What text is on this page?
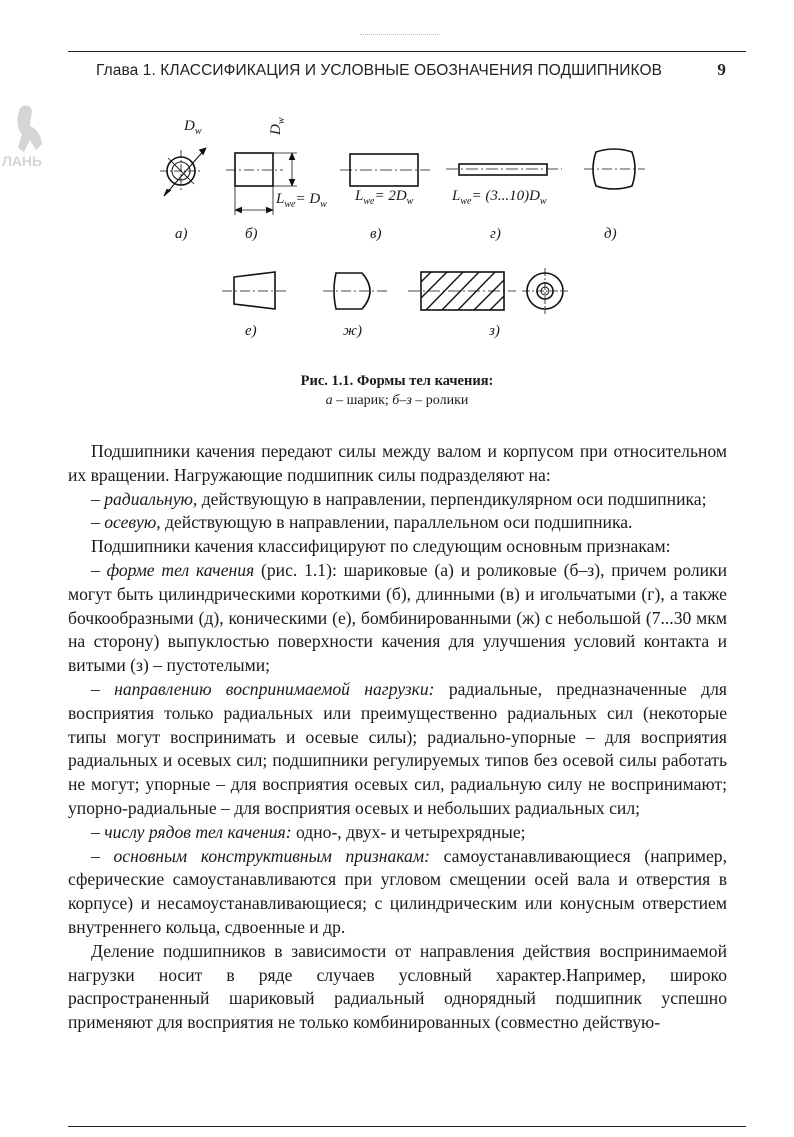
Глава 1. КЛАССИФИКАЦИЯ И УСЛОВНЫЕ ОБОЗНАЧЕНИЯ ПОДШИПНИКОВ	9
ЛАНЬ
$D_w$	$D_w$
$L_{we}= D_w$
$L_{we}= 2D_w$	$L_{we}= (3...10)D_w$
а)	б)	в)	г)	д)
е)	ж)	з)
Рис. 1.1. Формы тел качения:
а – шарик; б–з – ролики

Подшипники качения передают силы между валом и корпусом при относительном их вращении. Нагружающие подшипник силы подразделяют на:

– радиальную, действующую в направлении, перпендикулярном оси подшипника;

– осевую, действующую в направлении, параллельном оси подшипника.

Подшипники качения классифицируют по следующим основным признакам:

– форме тел качения (рис. 1.1): шариковые (а) и роликовые (б–з), причем ролики могут быть цилиндрическими короткими (б), длинными (в) и игольчатыми (г), а также бочкообразными (д), коническими (е), бомбинированными (ж) с небольшой (7...30 мкм на сторону) выпуклостью поверхности качения для улучшения условий контакта и витыми (з) – пустотелыми;

– направлению воспринимаемой нагрузки: радиальные, предназначенные для восприятия только радиальных или преимущественно радиальных сил (некоторые типы могут воспринимать и осевые силы); радиально-упорные – для восприятия радиальных и осевых сил; подшипники регулируемых типов без осевой силы работать не могут; упорные – для восприятия осевых сил, радиальную силу не воспринимают; упорно-радиальные – для восприятия осевых и небольших радиальных сил;

– числу рядов тел качения: одно-, двух- и четырехрядные;

– основным конструктивным признакам: самоустанавливающиеся (например, сферические самоустанавливаются при угловом смещении осей вала и отверстия в корпусе) и несамоустанавливающиеся; с цилиндрическим или конусным отверстием внутреннего кольца, сдвоенные и др.

Деление подшипников в зависимости от направления действия воспринимаемой нагрузки носит в ряде случаев условный характер.Например, широко распространенный шариковый радиальный однорядный подшипник успешно применяют для восприятия не только комбинированных (совместно действую-
